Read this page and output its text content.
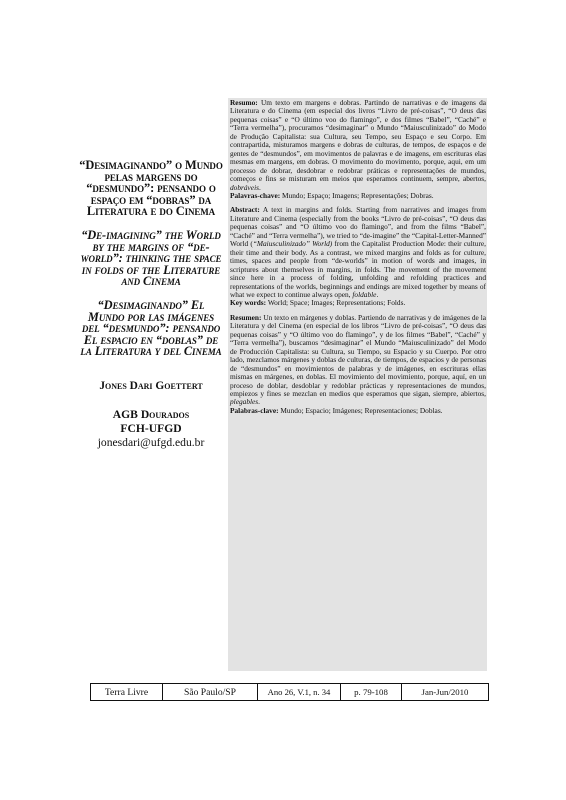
“Desimaginando” o Mundo pelas margens do “desmundo”: pensando o espaço em “dobras” da Literatura e do Cinema

“De-imagining” the World by the margins of “de-world”: thinking the space in folds of the Literature and Cinema

“Desimaginando” El Mundo por las imágenes del “desmundo”: pensando El espacio en “doblas” de la Literatura y del Cinema

Jones Dari Goettert
AGB Dourados
FCH-UFGD
jonesdari@ufgd.edu.br

Resumo: Um texto em margens e dobras. Partindo de narrativas e de imagens da Literatura e do Cinema (em especial dos livros “Livro de pré-coisas”, “O deus das pequenas coisas” e “O último voo do flamingo”, e dos filmes “Babel”, “Caché” e “Terra vermelha”), procuramos “desimaginar” o Mundo “Maiusculinizado” do Modo de Produção Capitalista: sua Cultura, seu Tempo, seu Espaço e seu Corpo. Em contrapartida, misturamos margens e dobras de culturas, de tempos, de espaços e de gentes de “desmundos”, em movimentos de palavras e de imagens, em escrituras elas mesmas em margens, em dobras. O movimento do movimento, porque, aqui, em um processo de dobrar, desdobrar e redobrar práticas e representações de mundos, começos e fins se misturam em meios que esperamos continuem, sempre, abertos, dobráveis.

Palavras-chave: Mundo; Espaço; Imagens; Representações; Dobras.

Abstract: A text in margins and folds. Starting from narratives and images from Literature and Cinema (especially from the books “Livro de pré-coisas”, “O deus das pequenas coisas” and “O último voo do flamingo”, and from the films “Babel”, “Caché” and “Terra vermelha”), we tried to “de-imagine” the “Capital-Letter-Manned” World (“Maiusculinizado” World) from the Capitalist Production Mode: their culture, their time and their body. As a contrast, we mixed margins and folds as for culture, times, spaces and people from “de-worlds” in motion of words and images, in scriptures about themselves in margins, in folds. The movement of the movement since here in a process of folding, unfolding and refolding practices and representations of the worlds, beginnings and endings are mixed together by means of what we expect to continue always open, foldable.

Key words: World; Space; Images; Representations; Folds.

Resumen: Un texto en márgenes y doblas. Partiendo de narrativas y de imágenes de la Literatura y del Cinema (en especial de los libros “Livro de pré-coisas”, “O deus das pequenas coisas” y “O último voo do flamingo”, y de los filmes “Babel”, “Caché” y “Terra vermelha”), buscamos “desimaginar” el Mundo “Maiusculinizado” del Modo de Producción Capitalista: su Cultura, su Tiempo, su Espacio y su Cuerpo. Por otro lado, mezclamos márgenes y doblas de culturas, de tiempos, de espacios y de personas de “desmundos” en movimientos de palabras y de imágenes, en escrituras ellas mismas en márgenes, en doblas. El movimiento del movimiento, porque, aquí, en un proceso de doblar, desdoblar y redoblar prácticas y representaciones de mundos, empiezos y fines se mezclan en medios que esperamos que sigan, siempre, abiertos, plegables.

Palabras-clave: Mundo; Espacio; Imágenes; Representaciones; Doblas.

Terra Livre	São Paulo/SP	Ano 26, V.1, n. 34	p. 79-108	Jan-Jun/2010
